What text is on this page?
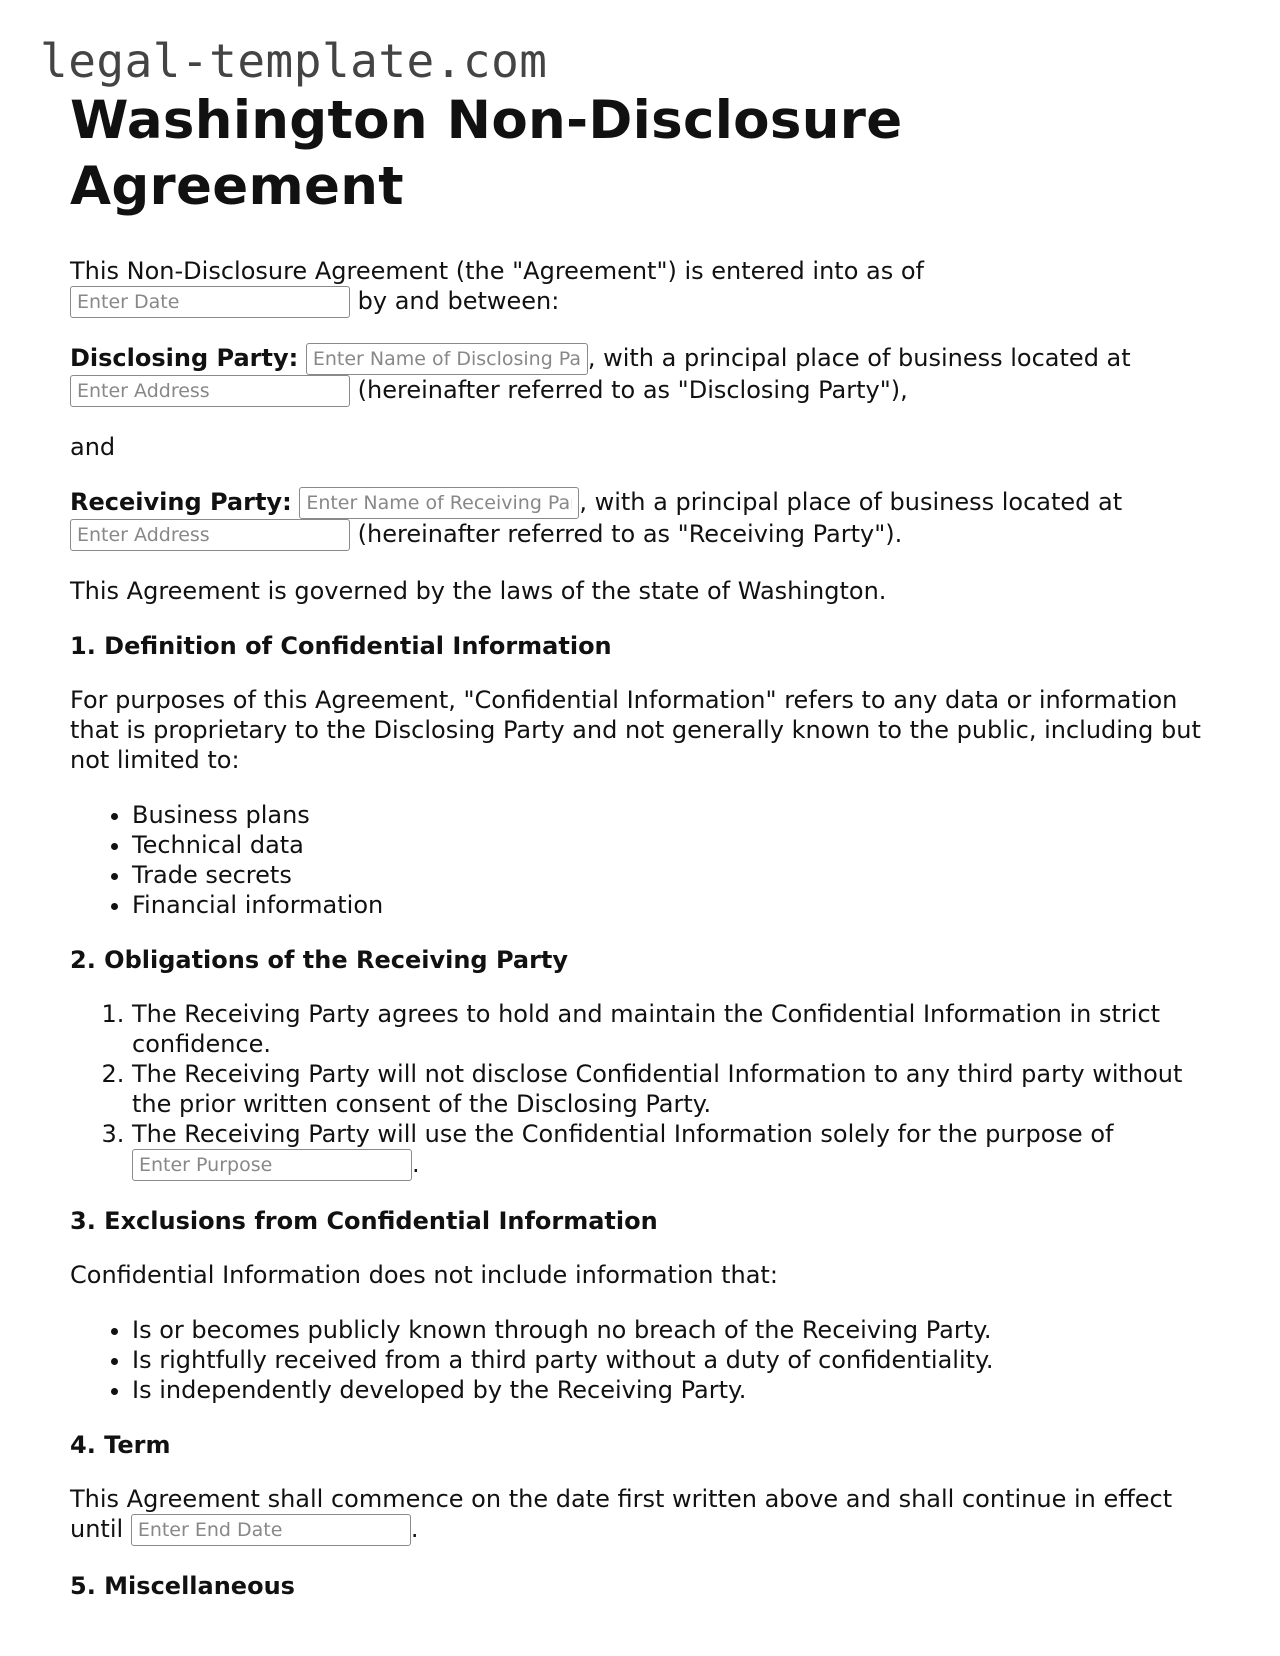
legal-template.com
Washington Non-Disclosure Agreement

This Non-Disclosure Agreement (the "Agreement") is entered into as of
Enter Date by and between:

Disclosing Party: Enter Name of Disclosing Party	, with a principal place of business located at
Enter Address (hereinafter referred to as "Disclosing Party"),

and

Receiving Party: Enter Name of Receiving Party	, with a principal place of business located at
Enter Address (hereinafter referred to as "Receiving Party").

This Agreement is governed by the laws of the state of Washington.

1. Definition of Confidential Information

For purposes of this Agreement, "Confidential Information" refers to any data or information that is proprietary to the Disclosing Party and not generally known to the public, including but not limited to:

• Business plans
• Technical data
• Trade secrets
• Financial information
2. Obligations of the Receiving Party
1. The Receiving Party agrees to hold and maintain the Confidential Information in strict confidence.
2. The Receiving Party will not disclose Confidential Information to any third party without the prior written consent of the Disclosing Party.
3. The Receiving Party will use the Confidential Information solely for the purpose of
Enter Purpose.
3. Exclusions from Confidential Information

Confidential Information does not include information that:

• Is or becomes publicly known through no breach of the Receiving Party.
• Is rightfully received from a third party without a duty of confidentiality.
• Is independently developed by the Receiving Party.
4. Term

This Agreement shall commence on the date first written above and shall continue in effect until Enter End Date	.

5. Miscellaneous
